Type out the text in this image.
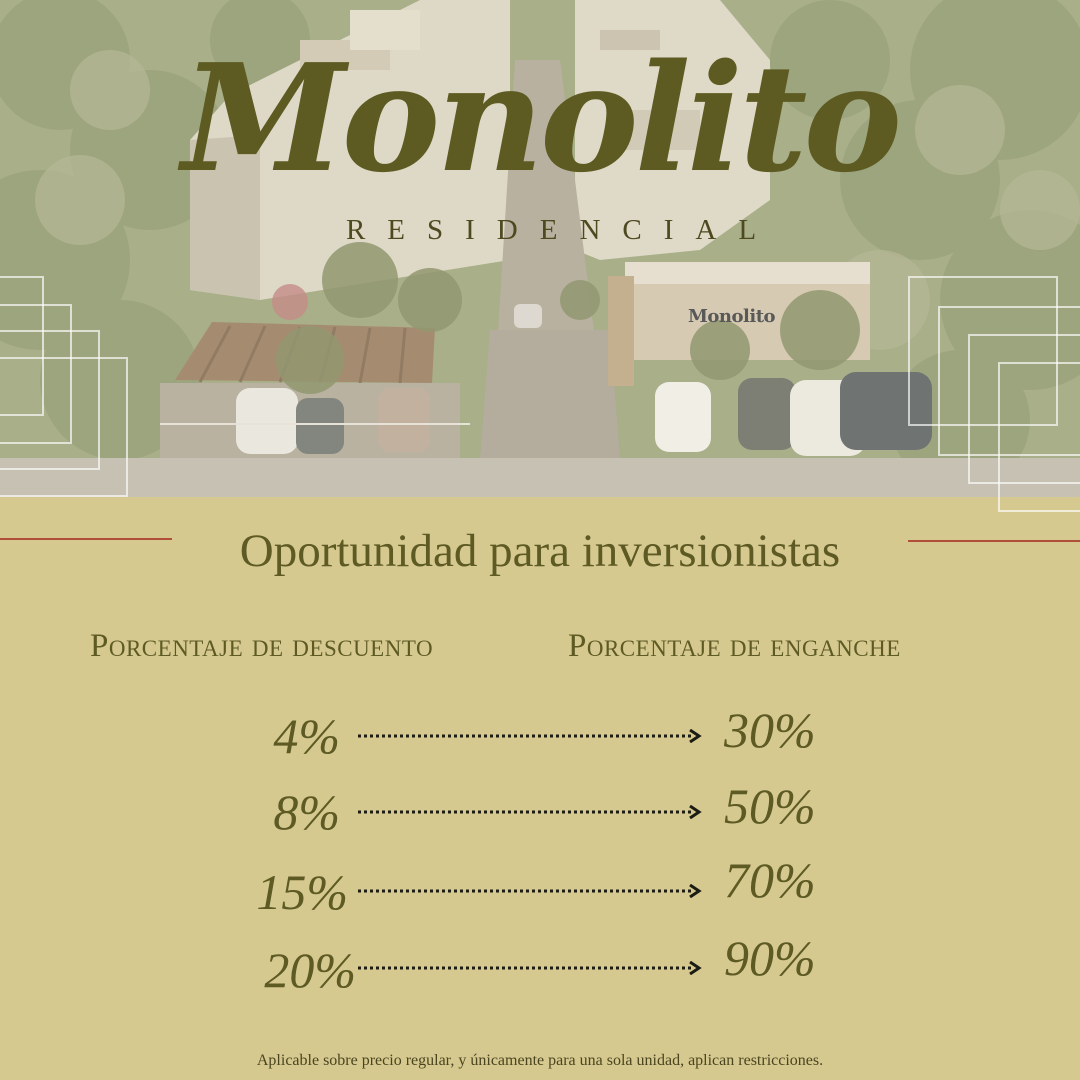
Monolito
RESIDENCIAL
Monolito
Oportunidad para inversionistas
Porcentaje de descuento	Porcentaje de enganche
4%	30%
8%	50%
15%	70%
20%	90%
Aplicable sobre precio regular, y únicamente para una sola unidad, aplican restricciones.
